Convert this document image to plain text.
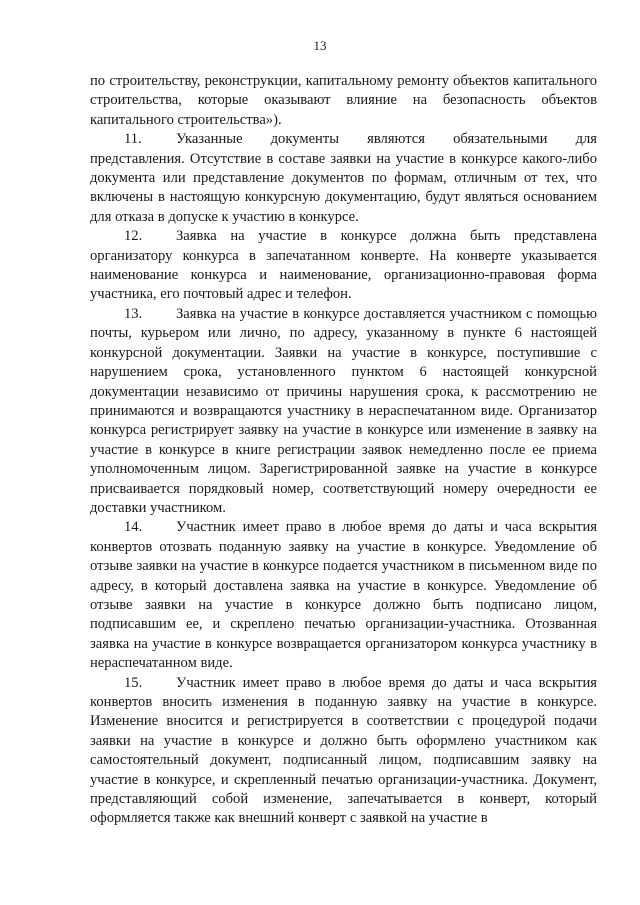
13

по строительству, реконструкции, капитальному ремонту объектов капитального строительства, которые оказывают влияние на безопасность объектов капитального строительства»).

11. Указанные документы являются обязательными для представления. Отсутствие в составе заявки на участие в конкурсе какого-либо документа или представление документов по формам, отличным от тех, что включены в настоящую конкурсную документацию, будут являться основанием для отказа в допуске к участию в конкурсе.

12. Заявка на участие в конкурсе должна быть представлена организатору конкурса в запечатанном конверте. На конверте указывается наименование конкурса и наименование, организационно-правовая форма участника, его почтовый адрес и телефон.

13. Заявка на участие в конкурсе доставляется участником с помощью почты, курьером или лично, по адресу, указанному в пункте 6 настоящей конкурсной документации. Заявки на участие в конкурсе, поступившие с нарушением срока, установленного пунктом 6 настоящей конкурсной документации независимо от причины нарушения срока, к рассмотрению не принимаются и возвращаются участнику в нераспечатанном виде. Организатор конкурса регистрирует заявку на участие в конкурсе или изменение в заявку на участие в конкурсе в книге регистрации заявок немедленно после ее приема уполномоченным лицом. Зарегистрированной заявке на участие в конкурсе присваивается порядковый номер, соответствующий номеру очередности ее доставки участником.

14. Участник имеет право в любое время до даты и часа вскрытия конвертов отозвать поданную заявку на участие в конкурсе. Уведомление об отзыве заявки на участие в конкурсе подается участником в письменном виде по адресу, в который доставлена заявка на участие в конкурсе. Уведомление об отзыве заявки на участие в конкурсе должно быть подписано лицом, подписавшим ее, и скреплено печатью организации-участника. Отозванная заявка на участие в конкурсе возвращается организатором конкурса участнику в нераспечатанном виде.

15. Участник имеет право в любое время до даты и часа вскрытия конвертов вносить изменения в поданную заявку на участие в конкурсе. Изменение вносится и регистрируется в соответствии с процедурой подачи заявки на участие в конкурсе и должно быть оформлено участником как самостоятельный документ, подписанный лицом, подписавшим заявку на участие в конкурсе, и скрепленный печатью организации-участника. Документ, представляющий собой изменение, запечатывается в конверт, который оформляется также как внешний конверт с заявкой на участие в
